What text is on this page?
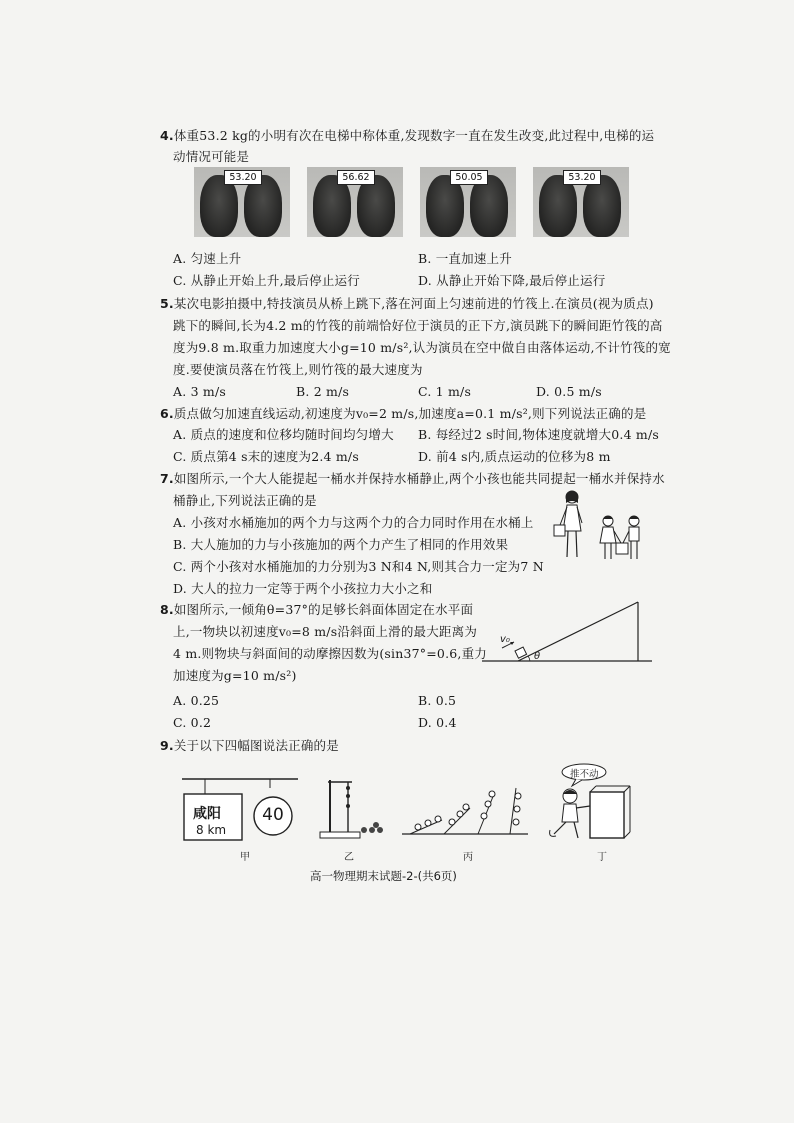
4.体重53.2 kg的小明有次在电梯中称体重,发现数字一直在发生改变,此过程中,电梯的运
动情况可能是
53.20	56.62	50.05	53.20
A. 匀速上升	B. 一直加速上升
C. 从静止开始上升,最后停止运行	D. 从静止开始下降,最后停止运行
5.某次电影拍摄中,特技演员从桥上跳下,落在河面上匀速前进的竹筏上.在演员(视为质点)
跳下的瞬间,长为4.2 m的竹筏的前端恰好位于演员的正下方,演员跳下的瞬间距竹筏的高
度为9.8 m.取重力加速度大小g=10 m/s²,认为演员在空中做自由落体运动,不计竹筏的宽
度.要使演员落在竹筏上,则竹筏的最大速度为
A. 3 m/s	B. 2 m/s	C. 1 m/s	D. 0.5 m/s
6.质点做匀加速直线运动,初速度为v₀=2 m/s,加速度a=0.1 m/s²,则下列说法正确的是
A. 质点的速度和位移均随时间均匀增大 B. 每经过2 s时间,物体速度就增大0.4 m/s
C. 质点第4 s末的速度为2.4 m/s	D. 前4 s内,质点运动的位移为8 m
7.如图所示,一个大人能提起一桶水并保持水桶静止,两个小孩也能共同提起一桶水并保持水
桶静止,下列说法正确的是
A. 小孩对水桶施加的两个力与这两个力的合力同时作用在水桶上
B. 大人施加的力与小孩施加的两个力产生了相同的作用效果
C. 两个小孩对水桶施加的力分别为3 N和4 N,则其合力一定为7 N
D. 大人的拉力一定等于两个小孩拉力大小之和
8.如图所示,一倾角θ=37°的足够长斜面体固定在水平面
上,一物块以初速度v₀=8 m/s沿斜面上滑的最大距离为
4 m.则物块与斜面间的动摩擦因数为(sin37°=0.6,重力
加速度为g=10 m/s²)
v₀
θ
A. 0.25	B. 0.5
C. 0.2	D. 0.4
9.关于以下四幅图说法正确的是
咸阳
8 km
40
推不动
甲	乙	丙	丁
高一物理期末试题-2-(共6页)
